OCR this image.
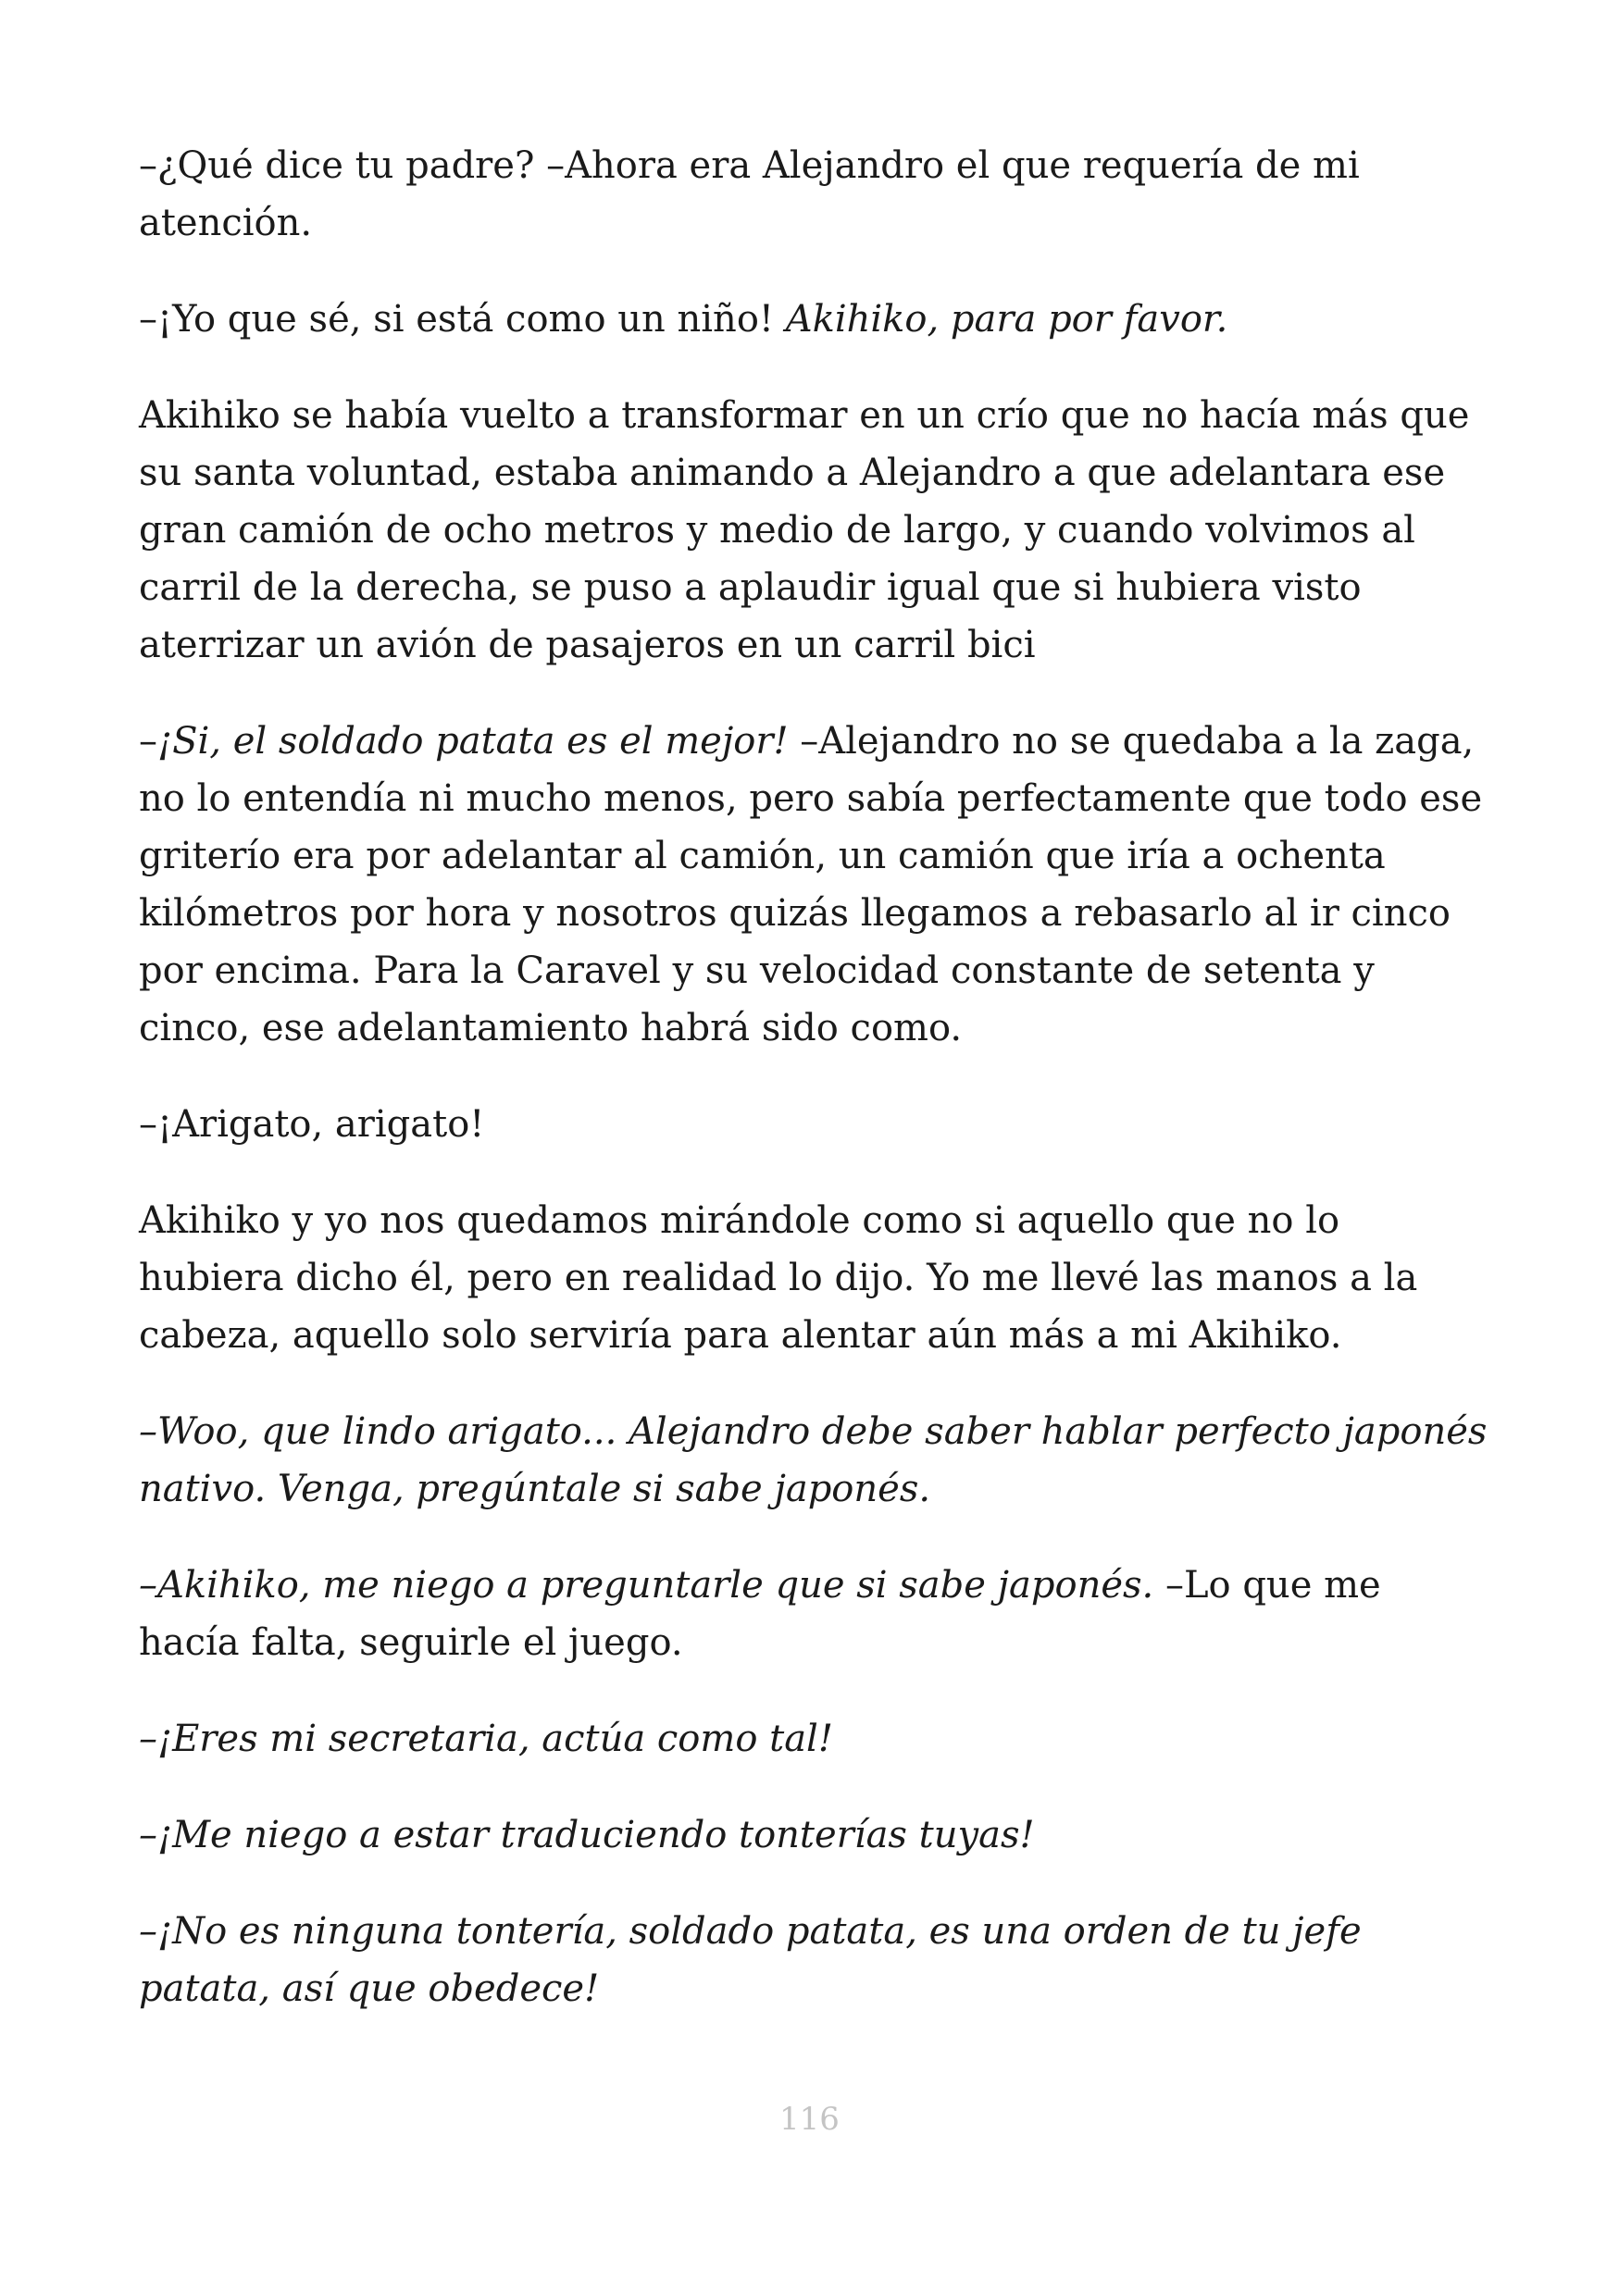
–¿Qué dice tu padre? –Ahora era Alejandro el que requería de mi atención.

–¡Yo que sé, si está como un niño! Akihiko, para por favor.

Akihiko se había vuelto a transformar en un crío que no hacía más que su santa voluntad, estaba animando a Alejandro a que adelantara ese gran camión de ocho metros y medio de largo, y cuando volvimos al carril de la derecha, se puso a aplaudir igual que si hubiera visto aterrizar un avión de pasajeros en un carril bici

–¡Si, el soldado patata es el mejor! –Alejandro no se quedaba a la zaga, no lo entendía ni mucho menos, pero sabía perfectamente que todo ese griterío era por adelantar al camión, un camión que iría a ochenta kilómetros por hora y nosotros quizás llegamos a rebasarlo al ir cinco por encima. Para la Caravel y su velocidad constante de setenta y cinco, ese adelantamiento habrá sido como.

–¡Arigato, arigato!

Akihiko y yo nos quedamos mirándole como si aquello que no lo hubiera dicho él, pero en realidad lo dijo. Yo me llevé las manos a la cabeza, aquello solo serviría para alentar aún más a mi Akihiko.

–Woo, que lindo arigato... Alejandro debe saber hablar perfecto japonés nativo. Venga, pregúntale si sabe japonés.

–Akihiko, me niego a preguntarle que si sabe japonés. –Lo que me hacía falta, seguirle el juego.

–¡Eres mi secretaria, actúa como tal!

–¡Me niego a estar traduciendo tonterías tuyas!

–¡No es ninguna tontería, soldado patata, es una orden de tu jefe patata, así que obedece!

116
